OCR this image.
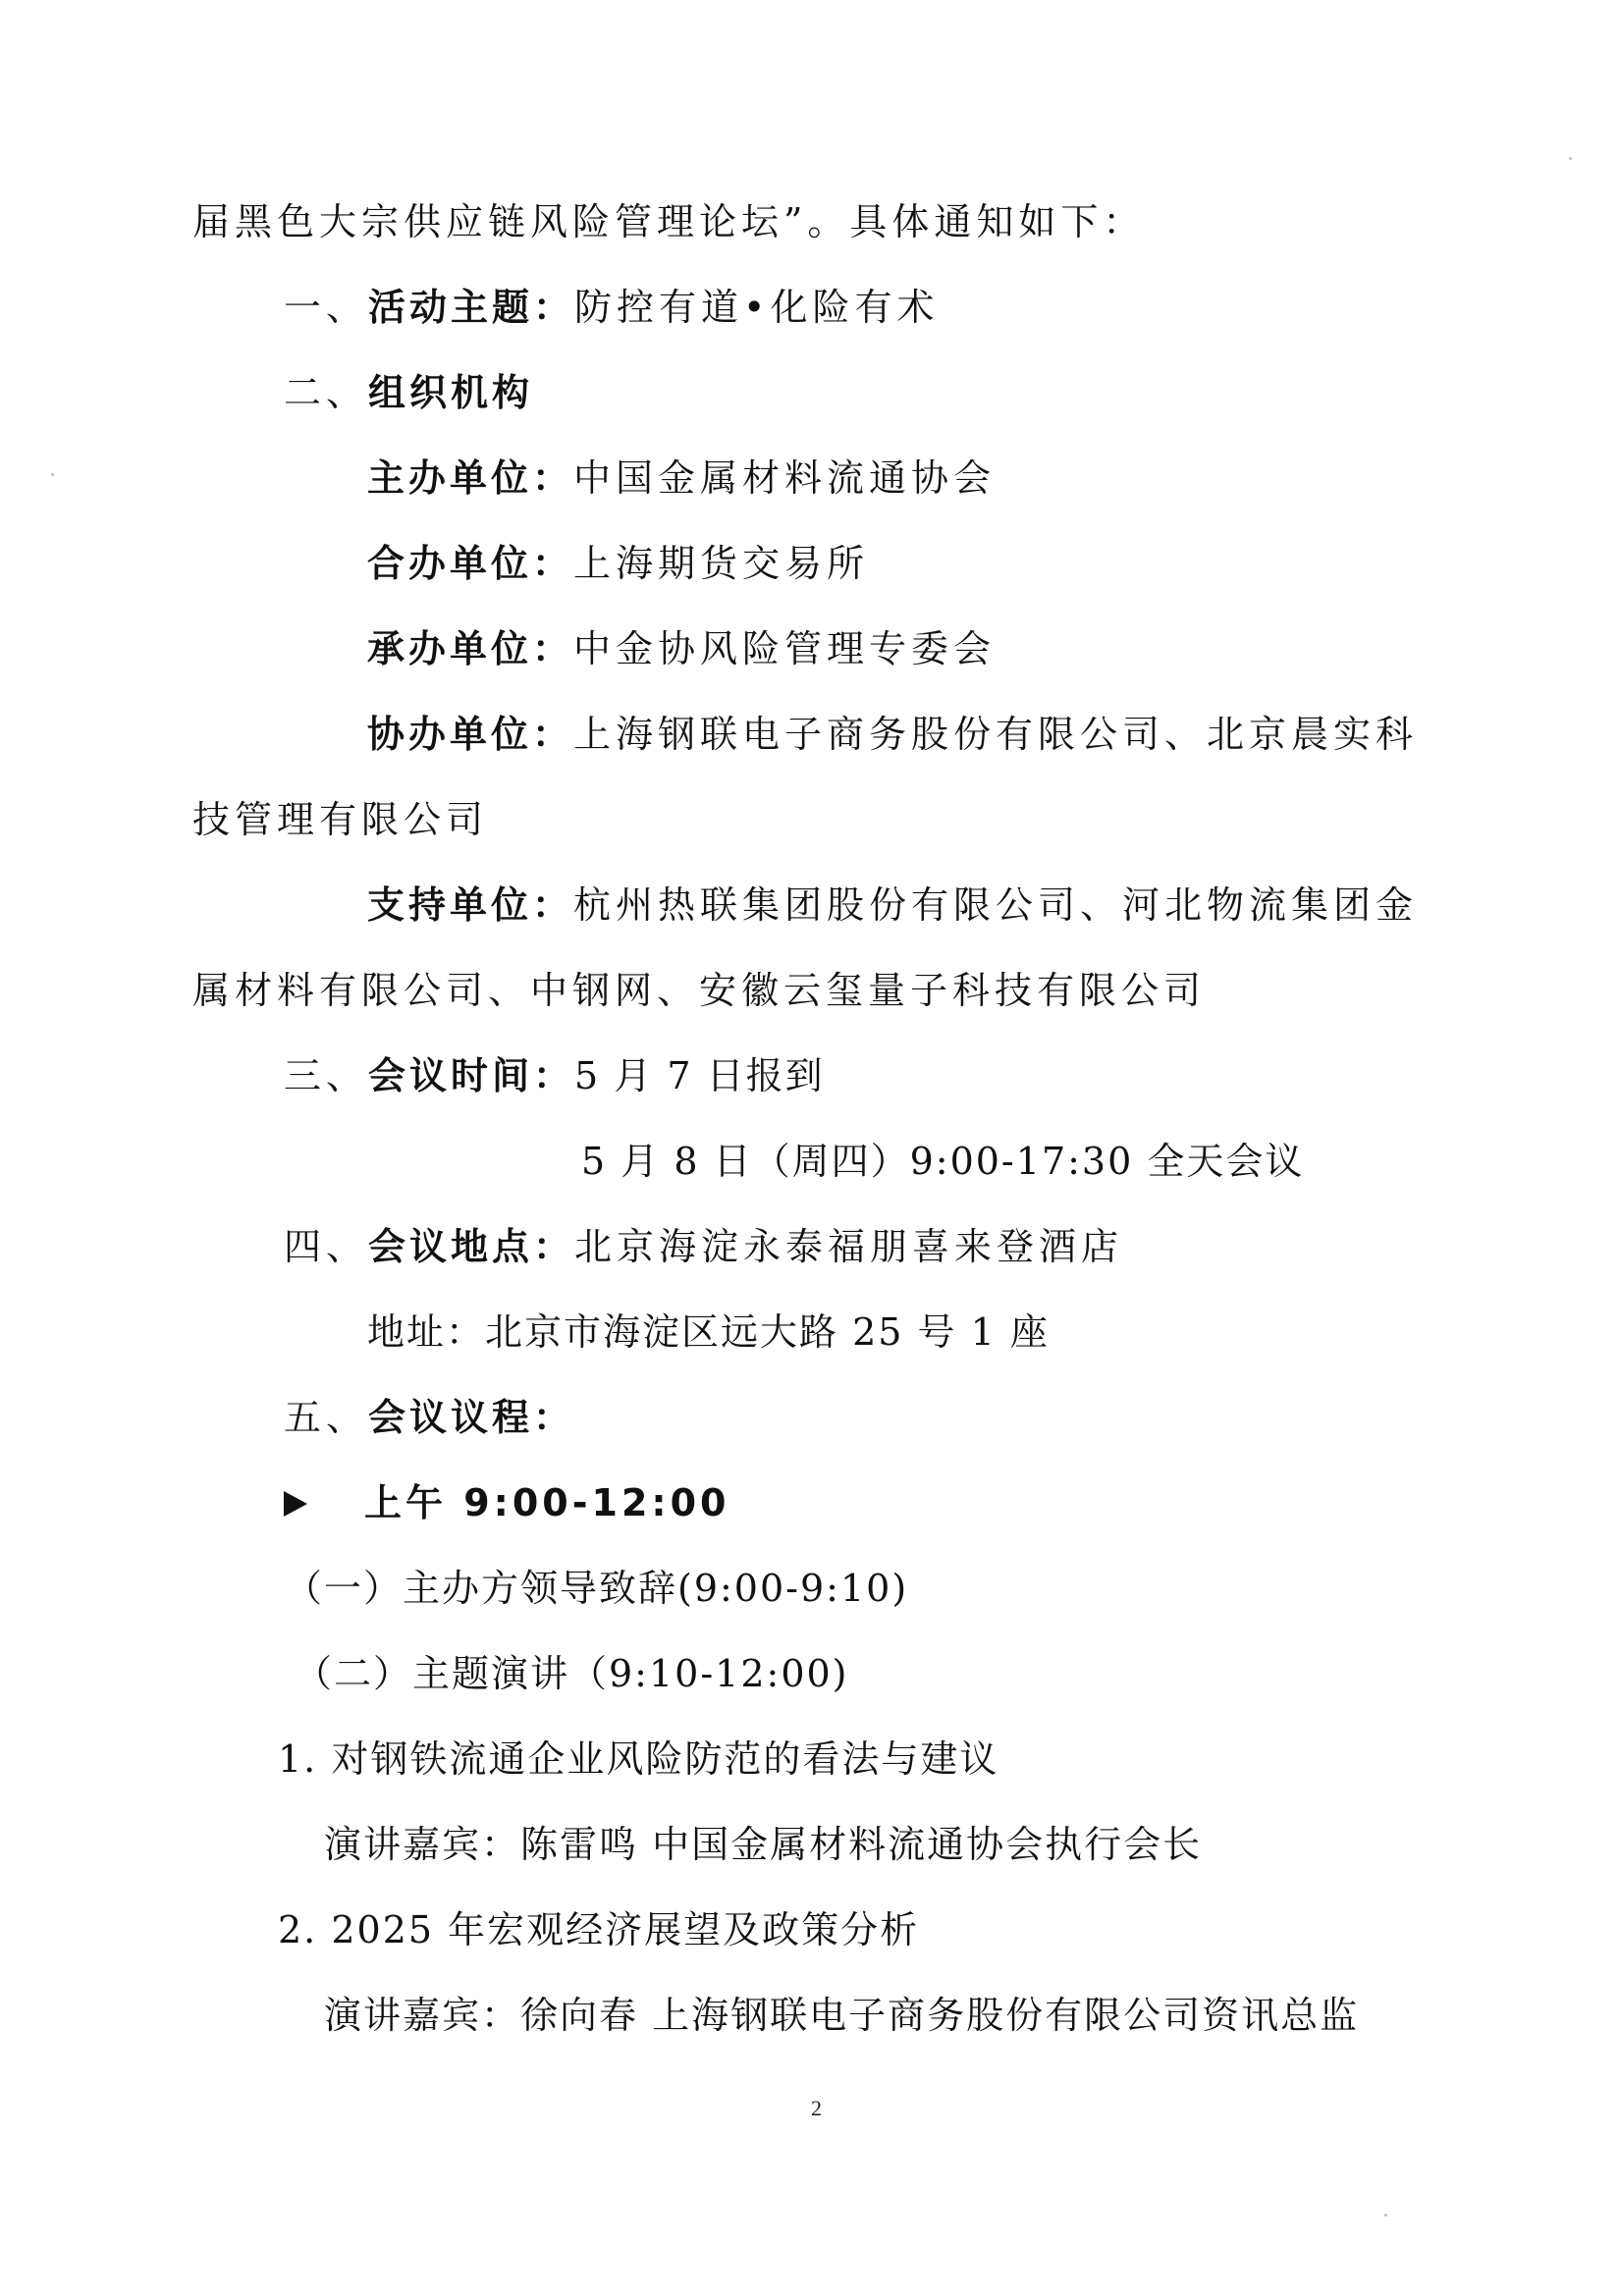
届黑色大宗供应链风险管理论坛”。具体通知如下：
一、活动主题：防控有道•化险有术
二、组织机构
主办单位：中国金属材料流通协会
合办单位：上海期货交易所
承办单位：中金协风险管理专委会
协办单位：上海钢联电子商务股份有限公司、北京晨实科
技管理有限公司
支持单位：杭州热联集团股份有限公司、河北物流集团金
属材料有限公司、中钢网、安徽云玺量子科技有限公司
三、会议时间：5 月 7 日报到
5 月 8 日（周四）9:00-17:30 全天会议
四、会议地点：北京海淀永泰福朋喜来登酒店
地址：北京市海淀区远大路 25 号 1 座
五、会议议程：
上午 9:00-12:00
（一）主办方领导致辞(9:00-9:10)
（二）主题演讲（9:10-12:00)
1. 对钢铁流通企业风险防范的看法与建议
演讲嘉宾：陈雷鸣 中国金属材料流通协会执行会长
2. 2025 年宏观经济展望及政策分析
演讲嘉宾：徐向春 上海钢联电子商务股份有限公司资讯总监
2
